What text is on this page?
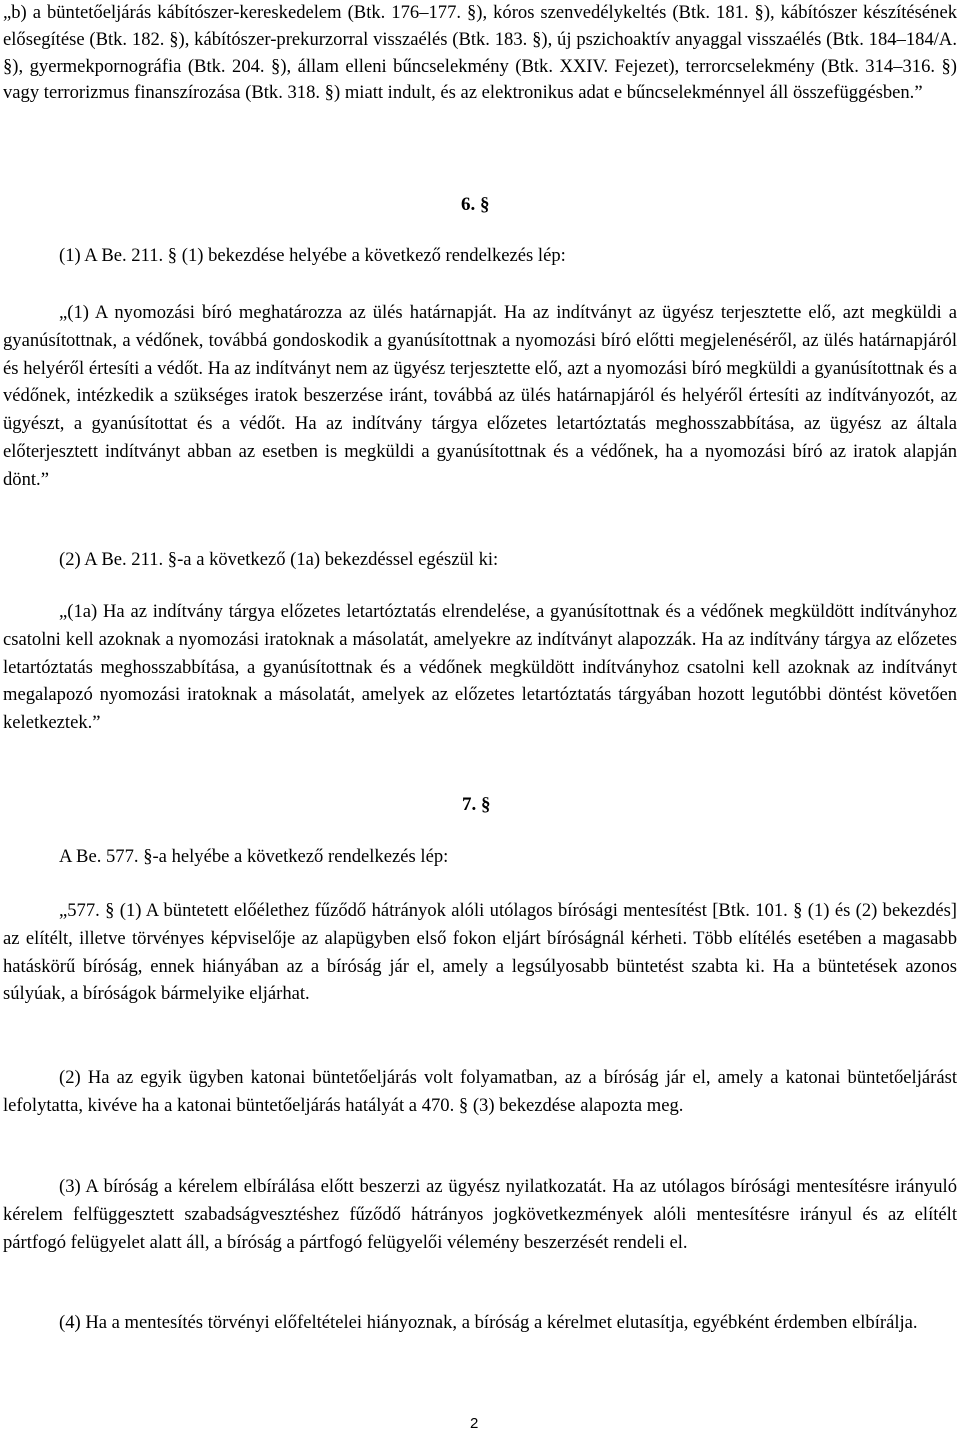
„b) a büntetőeljárás kábítószer-kereskedelem (Btk. 176–177. §), kóros szenvedélykeltés (Btk. 181. §), kábítószer készítésének elősegítése (Btk. 182. §), kábítószer-prekurzorral visszaélés (Btk. 183. §), új pszichoaktív anyaggal visszaélés (Btk. 184–184/A. §), gyermekpornográfia (Btk. 204. §), állam elleni bűncselekmény (Btk. XXIV. Fejezet), terrorcselekmény (Btk. 314–316. §) vagy terrorizmus finanszírozása (Btk. 318. §) miatt indult, és az elektronikus adat e bűncselekménnyel áll összefüggésben.”

6. §

(1) A Be. 211. § (1) bekezdése helyébe a következő rendelkezés lép:

„(1) A nyomozási bíró meghatározza az ülés határnapját. Ha az indítványt az ügyész terjesztette elő, azt megküldi a gyanúsítottnak, a védőnek, továbbá gondoskodik a gyanúsítottnak a nyomozási bíró előtti megjelenéséről, az ülés határnapjáról és helyéről értesíti a védőt. Ha az indítványt nem az ügyész terjesztette elő, azt a nyomozási bíró megküldi a gyanúsítottnak és a védőnek, intézkedik a szükséges iratok beszerzése iránt, továbbá az ülés határnapjáról és helyéről értesíti az indítványozót, az ügyészt, a gyanúsítottat és a védőt. Ha az indítvány tárgya előzetes letartóztatás meghosszabbítása, az ügyész az általa előterjesztett indítványt abban az esetben is megküldi a gyanúsítottnak és a védőnek, ha a nyomozási bíró az iratok alapján dönt.”

(2) A Be. 211. §-a a következő (1a) bekezdéssel egészül ki:

„(1a) Ha az indítvány tárgya előzetes letartóztatás elrendelése, a gyanúsítottnak és a védőnek megküldött indítványhoz csatolni kell azoknak a nyomozási iratoknak a másolatát, amelyekre az indítványt alapozzák. Ha az indítvány tárgya az előzetes letartóztatás meghosszabbítása, a gyanúsítottnak és a védőnek megküldött indítványhoz csatolni kell azoknak az indítványt megalapozó nyomozási iratoknak a másolatát, amelyek az előzetes letartóztatás tárgyában hozott legutóbbi döntést követően keletkeztek.”

7. §

A Be. 577. §-a helyébe a következő rendelkezés lép:

„577. § (1) A büntetett előélethez fűződő hátrányok alóli utólagos bírósági mentesítést [Btk. 101. § (1) és (2) bekezdés] az elítélt, illetve törvényes képviselője az alapügyben első fokon eljárt bíróságnál kérheti. Több elítélés esetében a magasabb hatáskörű bíróság, ennek hiányában az a bíróság jár el, amely a legsúlyosabb büntetést szabta ki. Ha a büntetések azonos súlyúak, a bíróságok bármelyike eljárhat.

(2) Ha az egyik ügyben katonai büntetőeljárás volt folyamatban, az a bíróság jár el, amely a katonai büntetőeljárást lefolytatta, kivéve ha a katonai büntetőeljárás hatályát a 470. § (3) bekezdése alapozta meg.

(3) A bíróság a kérelem elbírálása előtt beszerzi az ügyész nyilatkozatát. Ha az utólagos bírósági mentesítésre irányuló kérelem felfüggesztett szabadságvesztéshez fűződő hátrányos jogkövetkezmények alóli mentesítésre irányul és az elítélt pártfogó felügyelet alatt áll, a bíróság a pártfogó felügyelői vélemény beszerzését rendeli el.

(4) Ha a mentesítés törvényi előfeltételei hiányoznak, a bíróság a kérelmet elutasítja, egyébként érdemben elbírálja.

2
